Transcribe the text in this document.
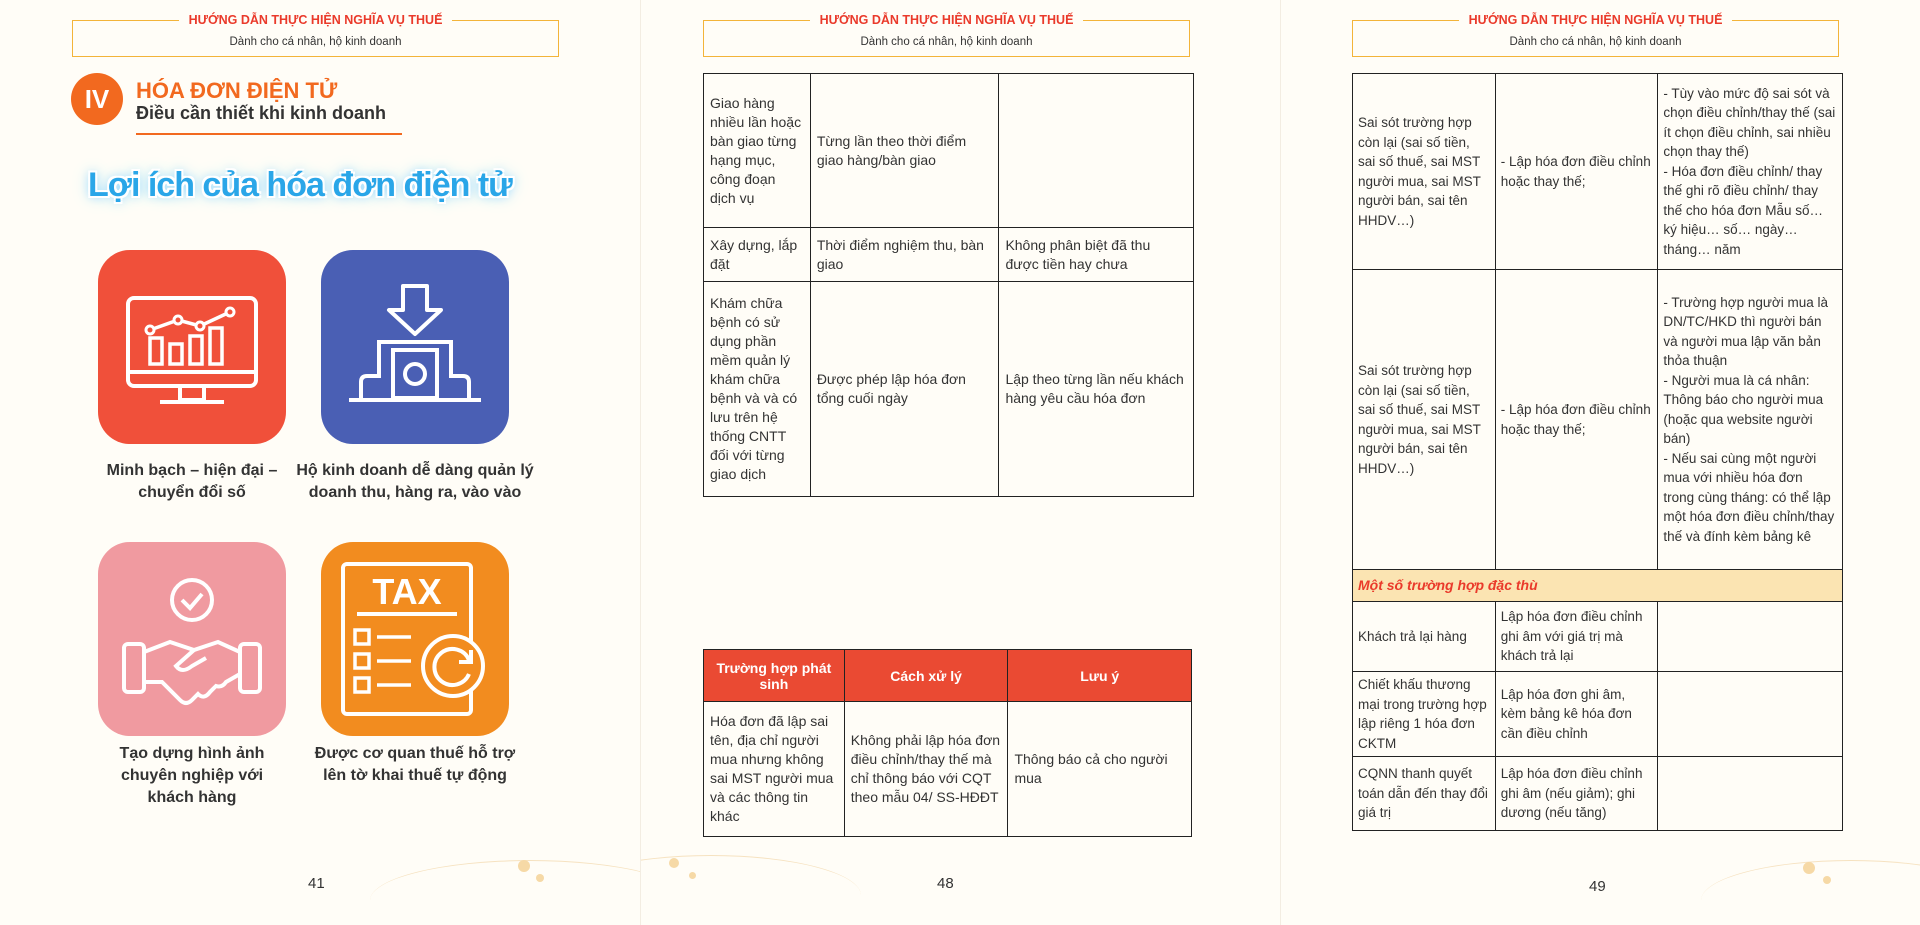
HƯỚNG DẪN THỰC HIỆN NGHĨA VỤ THUẾ
Dành cho cá nhân, hộ kinh doanh
IV	HÓA ĐƠN ĐIỆN TỬ
Điều cần thiết khi kinh doanh
Lợi ích của hóa đơn điện tử
Minh bạch – hiện đại –
chuyển đổi số
Hộ kinh doanh dễ dàng quản lý
doanh thu, hàng ra, vào vào
Tạo dựng hình ảnh
chuyên nghiệp với
khách hàng
TAX
Được cơ quan thuế hỗ trợ
lên tờ khai thuế tự động
41
HƯỚNG DẪN THỰC HIỆN NGHĨA VỤ THUẾ
Dành cho cá nhân, hộ kinh doanh
Giao hàng nhiều lần hoặc bàn giao từng hạng mục, công đoạn dịch vụ	Từng lần theo thời điểm giao hàng/bàn giao	
Xây dựng, lắp đặt	Thời điểm nghiệm thu, bàn giao	Không phân biệt đã thu được tiền hay chưa
Khám chữa bệnh có sử dụng phần mềm quản lý khám chữa bệnh và và có lưu trên hệ thống CNTT đối với từng giao dịch	Được phép lập hóa đơn tổng cuối ngày	Lập theo từng lần nếu khách hàng yêu cầu hóa đơn
Trường hợp phát sinh	Cách xử lý	Lưu ý
Hóa đơn đã lập sai tên, địa chỉ người mua nhưng không sai MST người mua và các thông tin khác	Không phải lập hóa đơn điều chỉnh/thay thế mà chỉ thông báo với CQT theo mẫu 04/ SS-HĐĐT	Thông báo cả cho người mua
48
HƯỚNG DẪN THỰC HIỆN NGHĨA VỤ THUẾ
Dành cho cá nhân, hộ kinh doanh
Sai sót trường hợp còn lại (sai số tiền, sai số thuế, sai MST người mua, sai MST người bán, sai tên HHDV…)	- Lập hóa đơn điều chỉnh hoặc thay thế;	- Tùy vào mức độ sai sót và chọn điều chỉnh/thay thế (sai ít chọn điều chỉnh, sai nhiều chọn thay thế)
- Hóa đơn điều chỉnh/ thay thế ghi rõ điều chỉnh/ thay thế cho hóa đơn Mẫu số… ký hiệu… số… ngày… tháng… năm
Sai sót trường hợp còn lại (sai số tiền, sai số thuế, sai MST người mua, sai MST người bán, sai tên HHDV…)	- Lập hóa đơn điều chỉnh hoặc thay thế;	- Trường hợp người mua là DN/TC/HKD thì người bán và người mua lập văn bản thỏa thuận
- Người mua là cá nhân: Thông báo cho người mua (hoặc qua website người bán)
- Nếu sai cùng một người mua với nhiều hóa đơn trong cùng tháng: có thể lập một hóa đơn điều chỉnh/thay thế và đính kèm bảng kê
Một số trường hợp đặc thù		
Khách trả lại hàng	Lập hóa đơn điều chỉnh ghi âm với giá trị mà khách trả lại	
Chiết khấu thương mại trong trường hợp lập riêng 1 hóa đơn CKTM	Lập hóa đơn ghi âm, kèm bảng kê hóa đơn cần điều chỉnh	
CQNN thanh quyết toán dẫn đến thay đổi giá trị	Lập hóa đơn điều chỉnh ghi âm (nếu giảm); ghi dương (nếu tăng)	
49
